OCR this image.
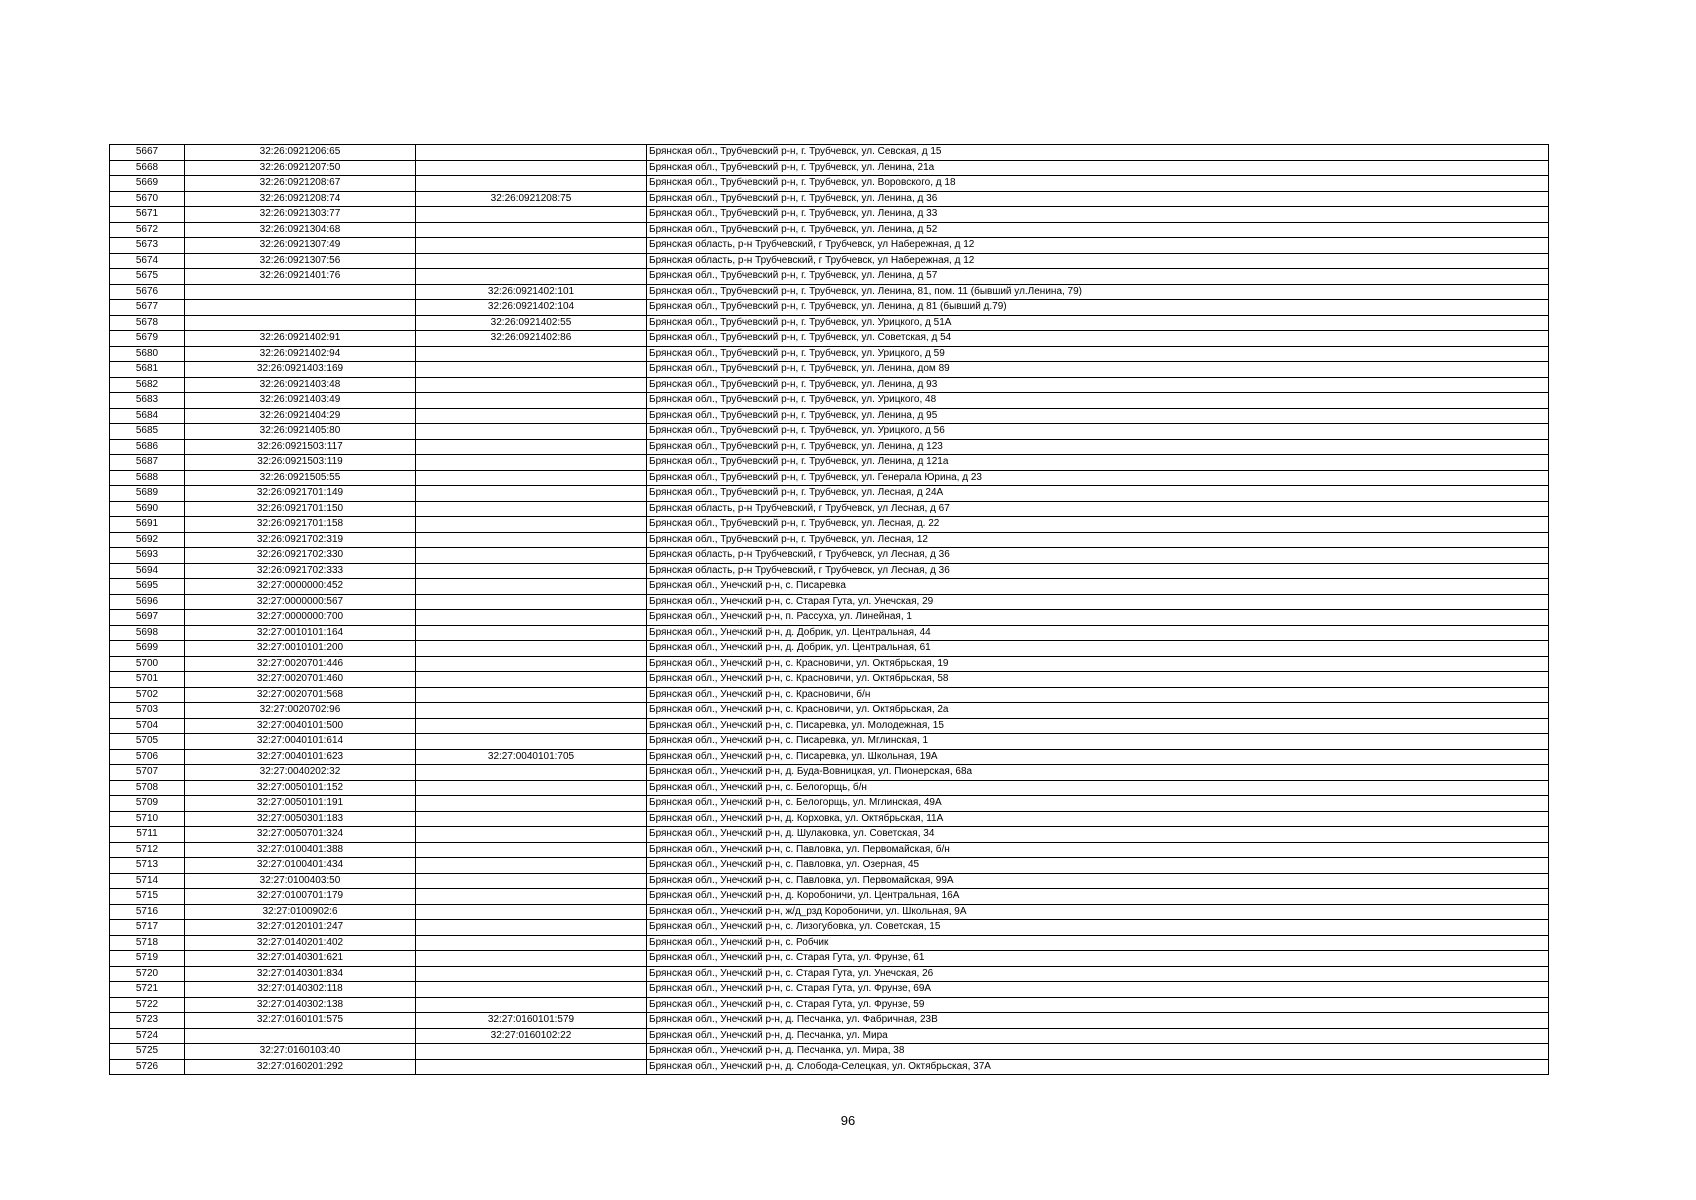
5667	32:26:0921206:65		Брянская обл., Трубчевский р-н, г. Трубчевск, ул. Севская, д 15
5668	32:26:0921207:50		Брянская обл., Трубчевский р-н, г. Трубчевск, ул. Ленина, 21а
5669	32:26:0921208:67		Брянская обл., Трубчевский р-н, г. Трубчевск, ул. Воровского, д 18
5670	32:26:0921208:74	32:26:0921208:75	Брянская обл., Трубчевский р-н, г. Трубчевск, ул. Ленина, д 36
5671	32:26:0921303:77		Брянская обл., Трубчевский р-н, г. Трубчевск, ул. Ленина, д 33
5672	32:26:0921304:68		Брянская обл., Трубчевский р-н, г. Трубчевск, ул. Ленина, д 52
5673	32:26:0921307:49		Брянская область, р-н Трубчевский, г Трубчевск, ул Набережная, д 12
5674	32:26:0921307:56		Брянская область, р-н Трубчевский, г Трубчевск, ул Набережная, д 12
5675	32:26:0921401:76		Брянская обл., Трубчевский р-н, г. Трубчевск, ул. Ленина, д 57
5676		32:26:0921402:101	Брянская обл., Трубчевский р-н, г. Трубчевск, ул. Ленина, 81, пом. 11 (бывший ул.Ленина, 79)
5677		32:26:0921402:104	Брянская обл., Трубчевский р-н, г. Трубчевск, ул. Ленина, д 81 (бывший д.79)
5678		32:26:0921402:55	Брянская обл., Трубчевский р-н, г. Трубчевск, ул. Урицкого, д 51А
5679	32:26:0921402:91	32:26:0921402:86	Брянская обл., Трубчевский р-н, г. Трубчевск, ул. Советская, д 54
5680	32:26:0921402:94		Брянская обл., Трубчевский р-н, г. Трубчевск, ул. Урицкого, д 59
5681	32:26:0921403:169		Брянская обл., Трубчевский р-н, г. Трубчевск, ул. Ленина, дом 89
5682	32:26:0921403:48		Брянская обл., Трубчевский р-н, г. Трубчевск, ул. Ленина, д 93
5683	32:26:0921403:49		Брянская обл., Трубчевский р-н, г. Трубчевск, ул. Урицкого, 48
5684	32:26:0921404:29		Брянская обл., Трубчевский р-н, г. Трубчевск, ул. Ленина, д 95
5685	32:26:0921405:80		Брянская обл., Трубчевский р-н, г. Трубчевск, ул. Урицкого, д 56
5686	32:26:0921503:117		Брянская обл., Трубчевский р-н, г. Трубчевск, ул. Ленина, д 123
5687	32:26:0921503:119		Брянская обл., Трубчевский р-н, г. Трубчевск, ул. Ленина, д 121а
5688	32:26:0921505:55		Брянская обл., Трубчевский р-н, г. Трубчевск, ул. Генерала Юрина, д 23
5689	32:26:0921701:149		Брянская обл., Трубчевский р-н, г. Трубчевск, ул. Лесная, д 24А
5690	32:26:0921701:150		Брянская область, р-н Трубчевский, г Трубчевск, ул Лесная, д 67
5691	32:26:0921701:158		Брянская обл., Трубчевский р-н, г. Трубчевск, ул. Лесная, д. 22
5692	32:26:0921702:319		Брянская обл., Трубчевский р-н, г. Трубчевск, ул. Лесная, 12
5693	32:26:0921702:330		Брянская область, р-н Трубчевский, г Трубчевск, ул Лесная, д 36
5694	32:26:0921702:333		Брянская область, р-н Трубчевский, г Трубчевск, ул Лесная, д 36
5695	32:27:0000000:452		Брянская обл., Унечский р-н, с. Писаревка
5696	32:27:0000000:567		Брянская обл., Унечский р-н, с. Старая Гута, ул. Унечская, 29
5697	32:27:0000000:700		Брянская обл., Унечский р-н, п. Рассуха, ул. Линейная, 1
5698	32:27:0010101:164		Брянская обл., Унечский р-н, д. Добрик, ул. Центральная, 44
5699	32:27:0010101:200		Брянская обл., Унечский р-н, д. Добрик, ул. Центральная, 61
5700	32:27:0020701:446		Брянская обл., Унечский р-н, с. Красновичи, ул. Октябрьская, 19
5701	32:27:0020701:460		Брянская обл., Унечский р-н, с. Красновичи, ул. Октябрьская, 58
5702	32:27:0020701:568		Брянская обл., Унечский р-н, с. Красновичи, б/н
5703	32:27:0020702:96		Брянская обл., Унечский р-н, с. Красновичи, ул. Октябрьская, 2а
5704	32:27:0040101:500		Брянская обл., Унечский р-н, с. Писаревка, ул. Молодежная, 15
5705	32:27:0040101:614		Брянская обл., Унечский р-н, с. Писаревка, ул. Мглинская, 1
5706	32:27:0040101:623	32:27:0040101:705	Брянская обл., Унечский р-н, с. Писаревка, ул. Школьная, 19А
5707	32:27:0040202:32		Брянская обл., Унечский р-н, д. Буда-Вовницкая, ул. Пионерская, 68а
5708	32:27:0050101:152		Брянская обл., Унечский р-н, с. Белогорщь, б/н
5709	32:27:0050101:191		Брянская обл., Унечский р-н, с. Белогорщь, ул. Мглинская, 49А
5710	32:27:0050301:183		Брянская обл., Унечский р-н, д. Корховка, ул. Октябрьская, 11А
5711	32:27:0050701:324		Брянская обл., Унечский р-н, д. Шулаковка, ул. Советская, 34
5712	32:27:0100401:388		Брянская обл., Унечский р-н, с. Павловка, ул. Первомайская, б/н
5713	32:27:0100401:434		Брянская обл., Унечский р-н, с. Павловка, ул. Озерная, 45
5714	32:27:0100403:50		Брянская обл., Унечский р-н, с. Павловка, ул. Первомайская, 99А
5715	32:27:0100701:179		Брянская обл., Унечский р-н, д. Коробоничи, ул. Центральная, 16А
5716	32:27:0100902:6		Брянская обл., Унечский р-н, ж/д_рзд Коробоничи, ул. Школьная, 9А
5717	32:27:0120101:247		Брянская обл., Унечский р-н, с. Лизогубовка, ул. Советская, 15
5718	32:27:0140201:402		Брянская обл., Унечский р-н, с. Робчик
5719	32:27:0140301:621		Брянская обл., Унечский р-н, с. Старая Гута, ул. Фрунзе, 61
5720	32:27:0140301:834		Брянская обл., Унечский р-н, с. Старая Гута, ул. Унечская, 26
5721	32:27:0140302:118		Брянская обл., Унечский р-н, с. Старая Гута, ул. Фрунзе, 69А
5722	32:27:0140302:138		Брянская обл., Унечский р-н, с. Старая Гута, ул. Фрунзе, 59
5723	32:27:0160101:575	32:27:0160101:579	Брянская обл., Унечский р-н, д. Песчанка, ул. Фабричная, 23В
5724		32:27:0160102:22	Брянская обл., Унечский р-н, д. Песчанка, ул. Мира
5725	32:27:0160103:40		Брянская обл., Унечский р-н, д. Песчанка, ул. Мира, 38
5726	32:27:0160201:292		Брянская обл., Унечский р-н, д. Слобода-Селецкая, ул. Октябрьская, 37А
96
